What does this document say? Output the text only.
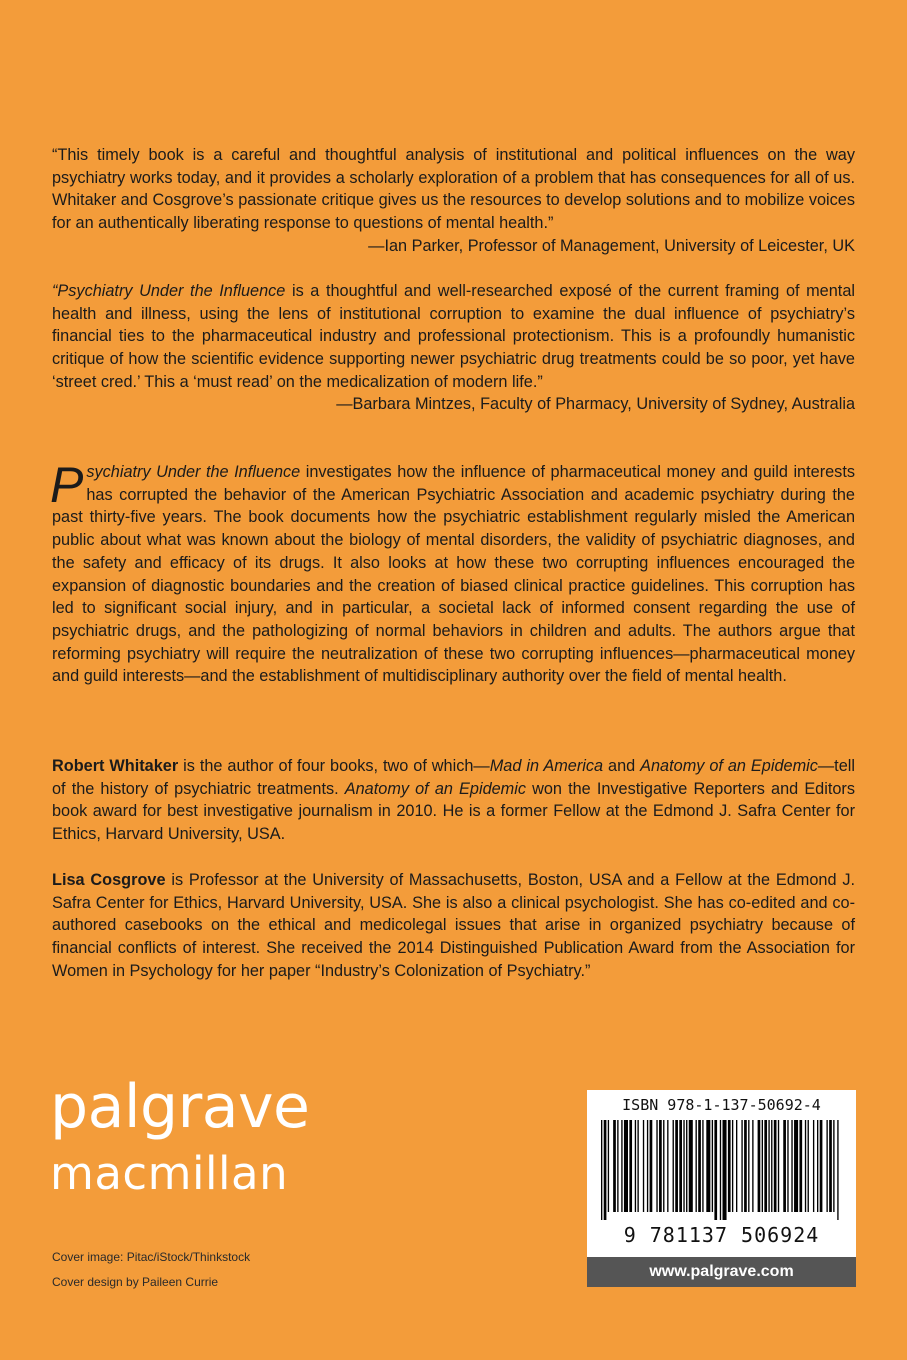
“This timely book is a careful and thoughtful analysis of institutional and political influences on the way psychiatry works today, and it provides a scholarly exploration of a problem that has consequences for all of us. Whitaker and Cosgrove’s passionate critique gives us the resources to develop solutions and to mobilize voices for an authentically liberating response to questions of mental health.”
—Ian Parker, Professor of Management, University of Leicester, UK
“Psychiatry Under the Influence is a thoughtful and well-researched exposé of the current framing of mental health and illness, using the lens of institutional corruption to examine the dual influence of psychiatry’s financial ties to the pharmaceutical industry and professional protectionism. This is a profoundly humanistic critique of how the scientific evidence supporting newer psychiatric drug treatments could be so poor, yet have ‘street cred.’ This a ‘must read’ on the medicalization of modern life.”
—Barbara Mintzes, Faculty of Pharmacy, University of Sydney, Australia
Psychiatry Under the Influence investigates how the influence of pharmaceutical money and guild interests has corrupted the behavior of the American Psychiatric Association and academic psychiatry during the past thirty-five years. The book documents how the psychiatric establishment regularly misled the American public about what was known about the biology of mental disorders, the validity of psychiatric diagnoses, and the safety and efficacy of its drugs. It also looks at how these two corrupting influences encouraged the expansion of diagnostic boundaries and the creation of biased clinical practice guidelines. This corruption has led to significant social injury, and in particular, a societal lack of informed consent regarding the use of psychiatric drugs, and the pathologizing of normal behaviors in children and adults. The authors argue that reforming psychiatry will require the neutralization of these two corrupting influences—pharmaceutical money and guild interests—and the establishment of multidisciplinary authority over the field of mental health.
Robert Whitaker is the author of four books, two of which—Mad in America and Anatomy of an Epidemic—tell of the history of psychiatric treatments. Anatomy of an Epidemic won the Investigative Reporters and Editors book award for best investigative journalism in 2010. He is a former Fellow at the Edmond J. Safra Center for Ethics, Harvard University, USA.
Lisa Cosgrove is Professor at the University of Massachusetts, Boston, USA and a Fellow at the Edmond J. Safra Center for Ethics, Harvard University, USA. She is also a clinical psychologist. She has co-edited and co-authored casebooks on the ethical and medicolegal issues that arise in organized psychiatry because of financial conflicts of interest. She received the 2014 Distinguished Publication Award from the Association for Women in Psychology for her paper “Industry’s Colonization of Psychiatry.”
palgrave
macmillan
Cover image: Pitac/iStock/Thinkstock
Cover design by Paileen Currie
ISBN 978-1-137-50692-4
9 781137 506924
www.palgrave.com
